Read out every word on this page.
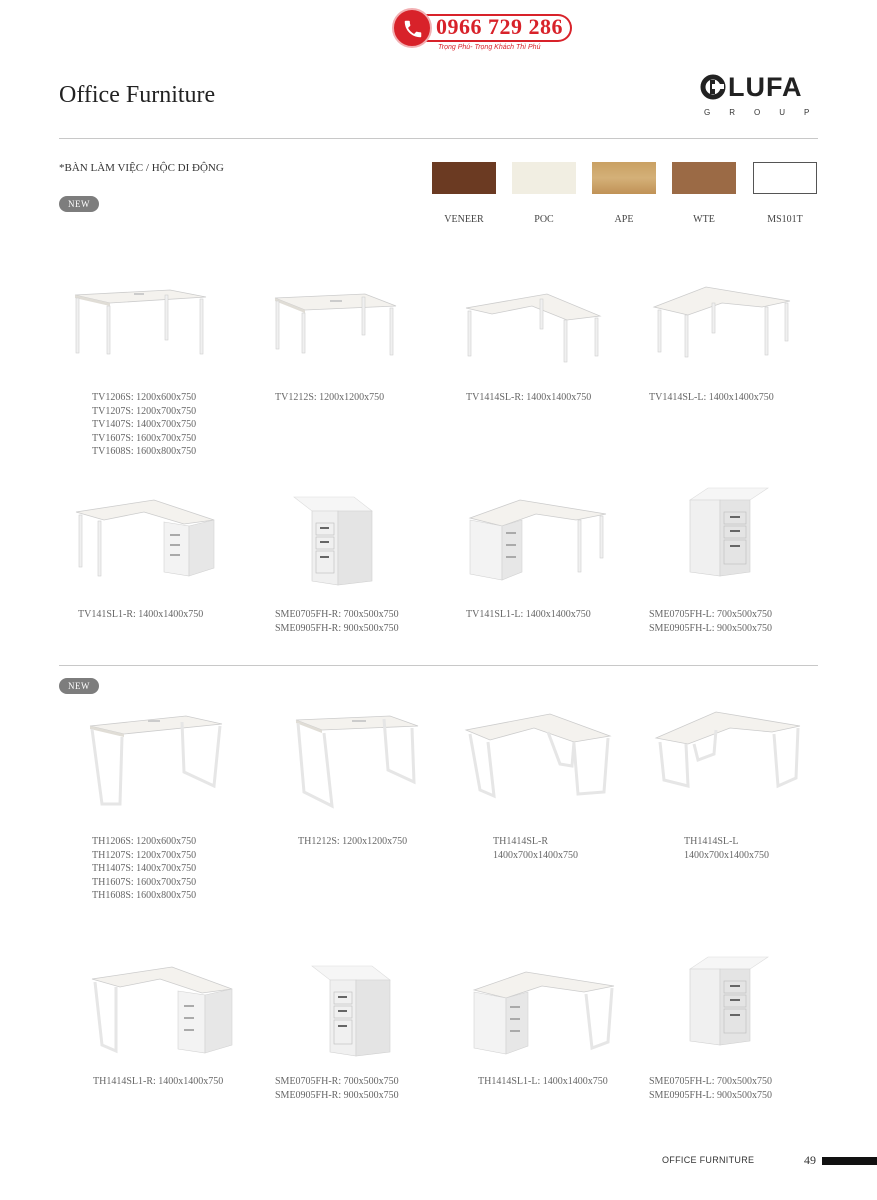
0966 729 286
Trọng Phú- Trọng Khách Thì Phú
Office Furniture	LUFA
GROUP
*BÀN LÀM VIỆC / HỘC DI ĐỘNG
NEW
VENEER	POC	APE	WTE	MS101T
TV1206S: 1200x600x750
TV1207S: 1200x700x750
TV1407S: 1400x700x750
TV1607S: 1600x700x750
TV1608S: 1600x800x750
TV1212S: 1200x1200x750	TV1414SL-R: 1400x1400x750	TV1414SL-L: 1400x1400x750
TV141SL1-R: 1400x1400x750	SME0705FH-R: 700x500x750
SME0905FH-R: 900x500x750
TV141SL1-L: 1400x1400x750	SME0705FH-L: 700x500x750
SME0905FH-L: 900x500x750
NEW
TH1206S: 1200x600x750
TH1207S: 1200x700x750
TH1407S: 1400x700x750
TH1607S: 1600x700x750
TH1608S: 1600x800x750
TH1212S: 1200x1200x750	TH1414SL-R
1400x700x1400x750
TH1414SL-L
1400x700x1400x750
TH1414SL1-R: 1400x1400x750	SME0705FH-R: 700x500x750
SME0905FH-R: 900x500x750
TH1414SL1-L: 1400x1400x750	SME0705FH-L: 700x500x750
SME0905FH-L: 900x500x750
OFFICE FURNITURE	49
